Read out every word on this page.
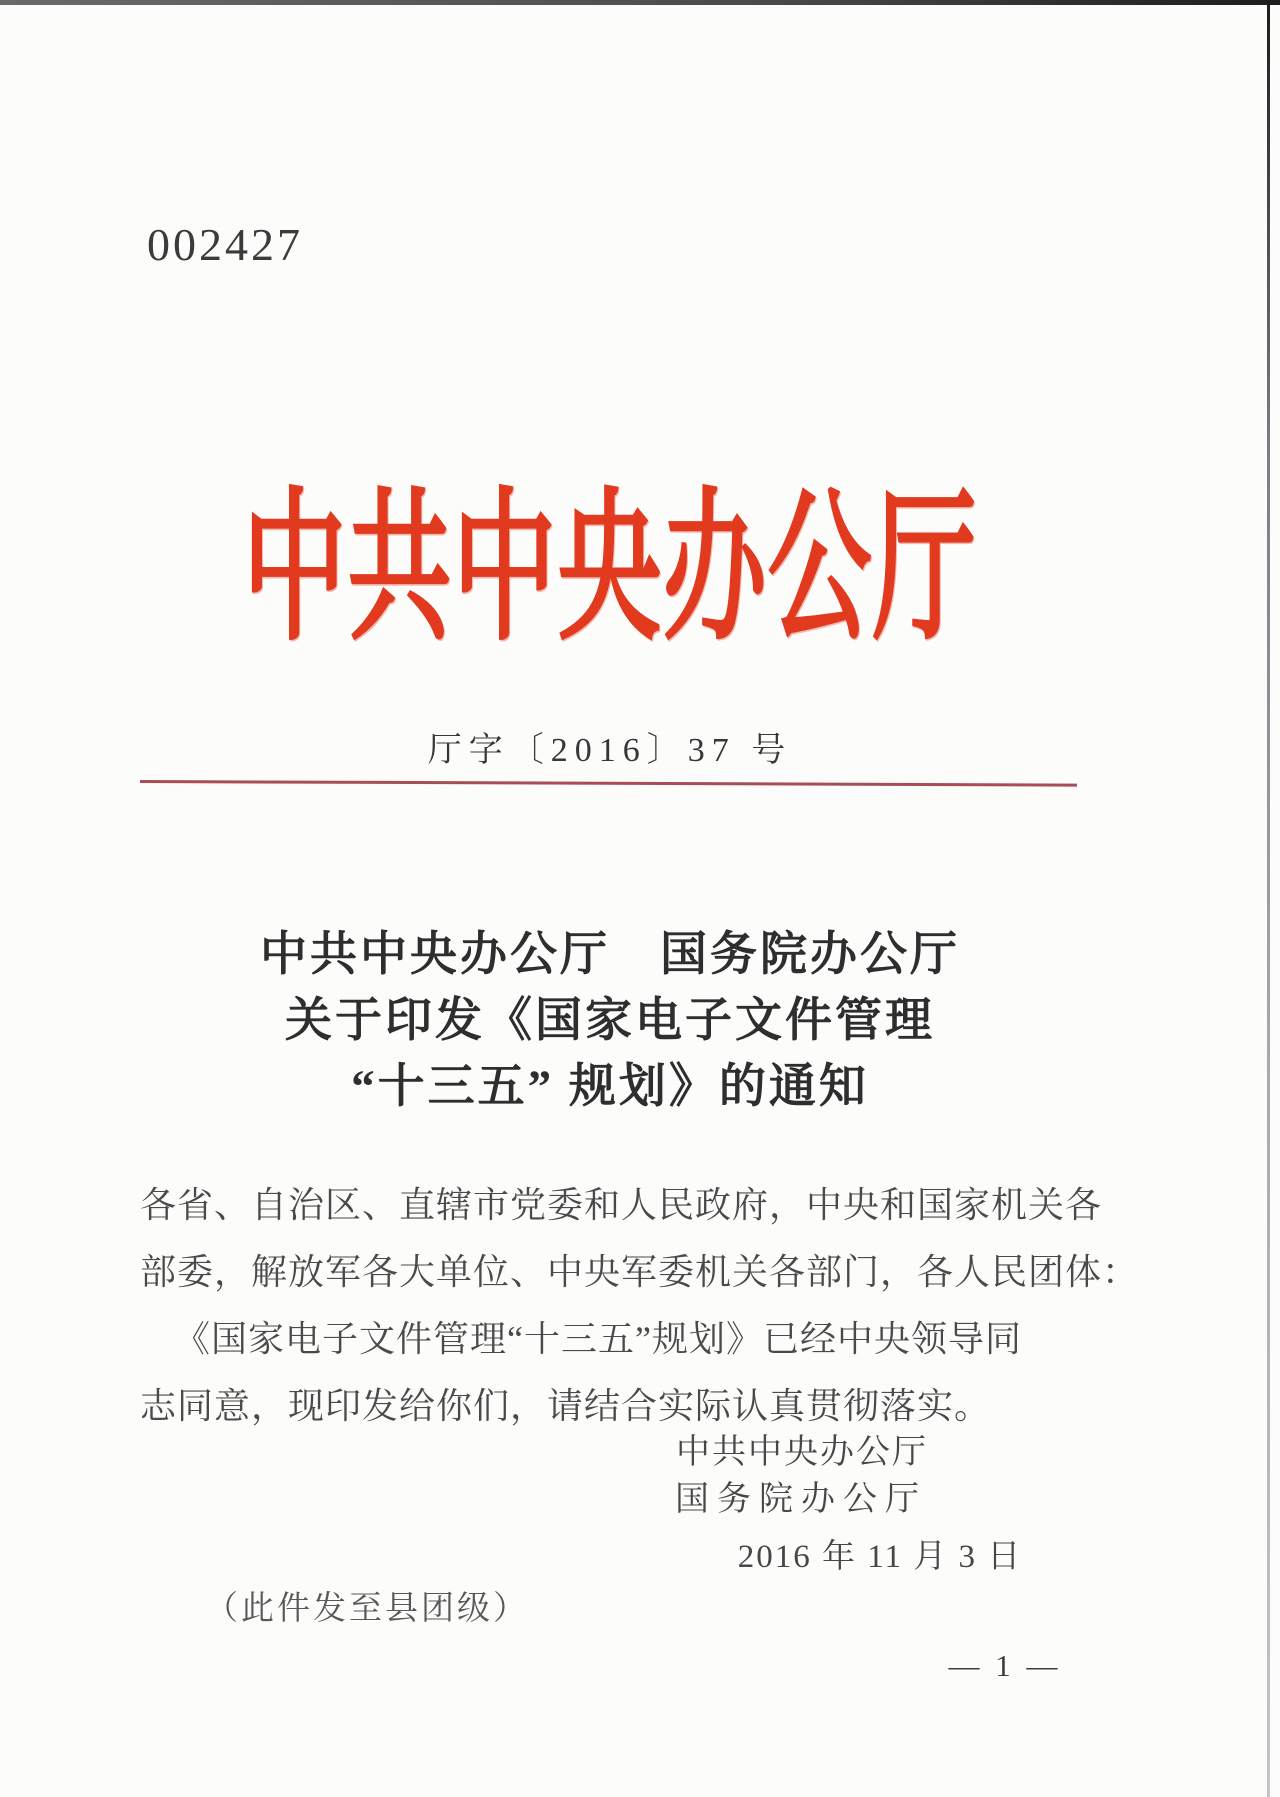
002427
中共中央办公厅
厅字〔2016〕37 号
中共中央办公厅　国务院办公厅
关于印发《国家电子文件管理
“十三五” 规划》的通知
各省、自治区、直辖市党委和人民政府，中央和国家机关各
部委，解放军各大单位、中央军委机关各部门，各人民团体：
《国家电子文件管理“十三五”规划》已经中央领导同
志同意，现印发给你们，请结合实际认真贯彻落实。
中共中央办公厅
国务院办公厅
2016 年 11 月 3 日
（此件发至县团级）
— 1 —
